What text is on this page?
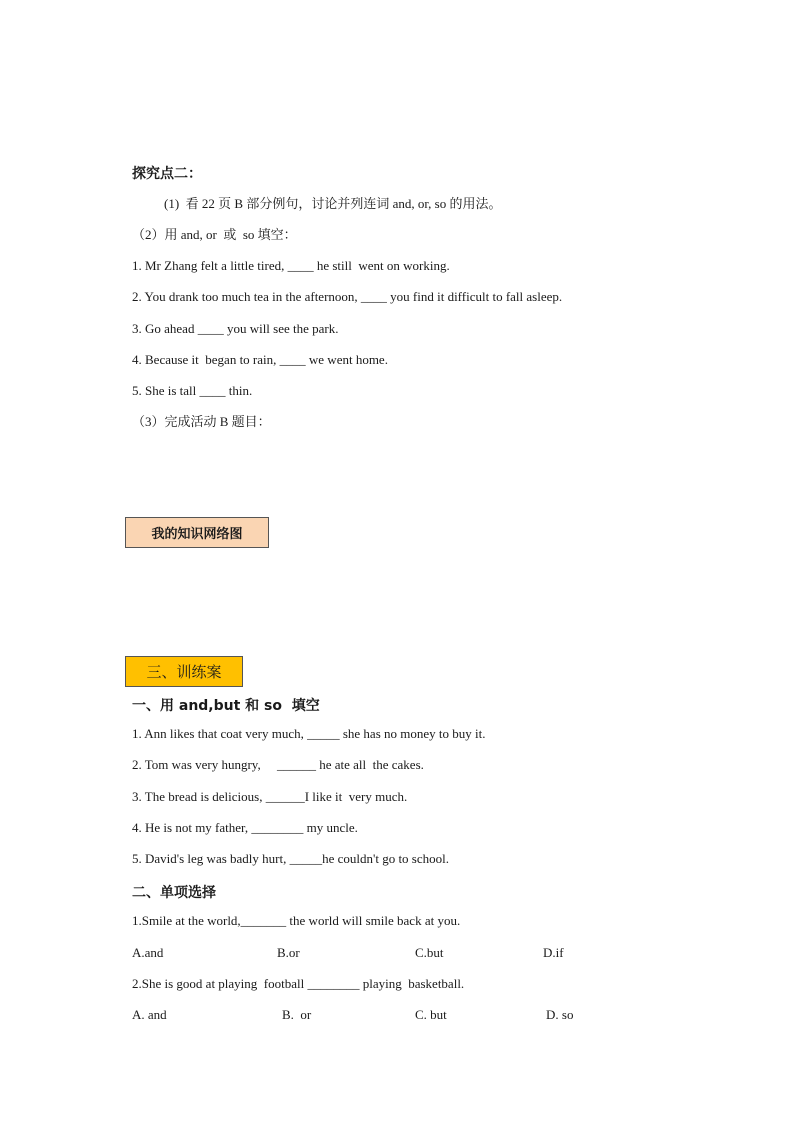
探究点二：
(1)  看 22 页 B 部分例句，讨论并列连词 and, or, so 的用法。
（2）用 and, or  或  so 填空：
1. Mr Zhang felt a little tired, ____ he still  went on working.
2. You drank too much tea in the afternoon, ____ you find it difficult to fall asleep.
3. Go ahead ____ you will see the park.
4. Because it  began to rain, ____ we went home.
5. She is tall ____ thin.
（3）完成活动 B 题目：
我的知识网络图
三、训练案
一、用 and,but 和 so  填空
1. Ann likes that coat very much, _____ she has no money to buy it.
2. Tom was very hungry,     ______ he ate all  the cakes.
3. The bread is delicious, ______I like it  very much.
4. He is not my father, ________ my uncle.
5. David's leg was badly hurt, _____he couldn't go to school.
二、单项选择
1.Smile at the world,_______ the world will smile back at you.
A.and	B.or	C.but	D.if
2.She is good at playing  football ________ playing  basketball.
A. and	B.  or	C. but	D. so
